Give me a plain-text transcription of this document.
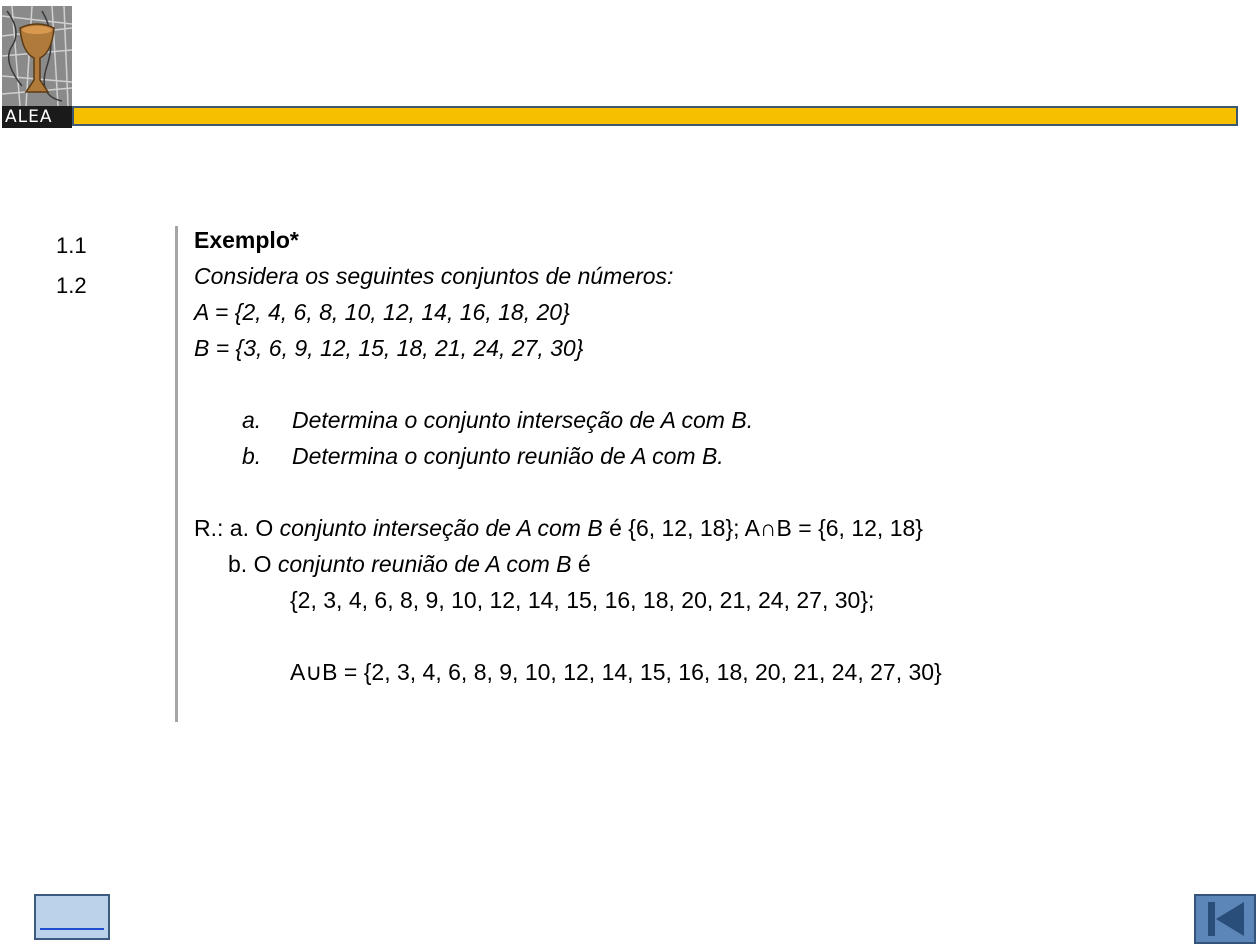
ALEA
1.1
1.2
Exemplo*
Considera os seguintes conjuntos de números:
A = {2, 4, 6, 8, 10, 12, 14, 16, 18, 20}
B = {3, 6, 9, 12, 15, 18, 21, 24, 27, 30}
a. Determina o conjunto interseção de A com B.
b. Determina o conjunto reunião de A com B.
R.: a. O conjunto interseção de A com B é {6, 12, 18}; A∩B = {6, 12, 18}
b. O conjunto reunião de A com B é
{2, 3, 4, 6, 8, 9, 10, 12, 14, 15, 16, 18, 20, 21, 24, 27, 30};
A∪B = {2, 3, 4, 6, 8, 9, 10, 12, 14, 15, 16, 18, 20, 21, 24, 27, 30}
